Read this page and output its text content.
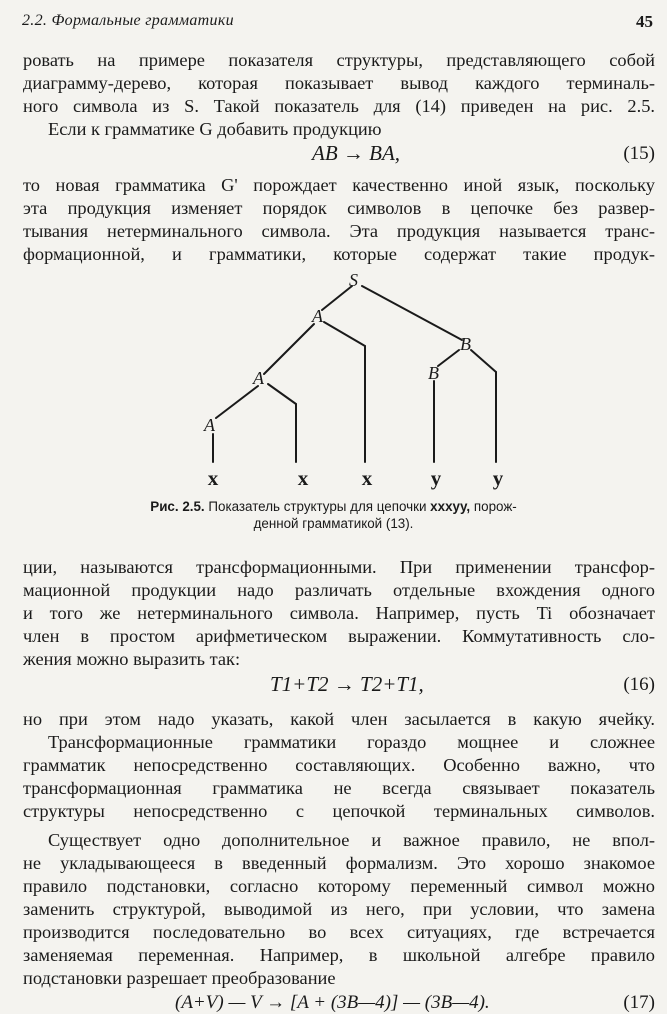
2.2. Формальные грамматики	45
ровать на примере показателя структуры, представляющего собой
диаграмму-дерево, которая показывает вывод каждого терминаль-
ного символа из S. Такой показатель для (14) приведен на рис. 2.5.
Если к грамматике G добавить продукцию
AB → BA,	(15)
то новая грамматика G' порождает качественно иной язык, поскольку
эта продукция изменяет порядок символов в цепочке без развер-
тывания нетерминального символа. Эта продукция называется транс-
формационной, и грамматики, которые содержат такие продук-
S
A
A
A
B
B
x	x	x	y y
Рис. 2.5. Показатель структуры для цепочки xxxyy, порож-
денной грамматикой (13).
ции, называются трансформационными. При применении трансфор-
мационной продукции надо различать отдельные вхождения одного
и того же нетерминального символа. Например, пусть Ti обозначает
член в простом арифметическом выражении. Коммутативность сло-
жения можно выразить так:
T1+T2 → T2+T1,	(16)
но при этом надо указать, какой член засылается в какую ячейку.
Трансформационные грамматики гораздо мощнее и сложнее
грамматик непосредственно составляющих. Особенно важно, что
трансформационная грамматика не всегда связывает показатель
структуры непосредственно с цепочкой терминальных символов.
Существует одно дополнительное и важное правило, не впол-
не укладывающееся в введенный формализм. Это хорошо знакомое
правило подстановки, согласно которому переменный символ можно
заменить структурой, выводимой из него, при условии, что замена
производится последовательно во всех ситуациях, где встречается
заменяемая переменная. Например, в школьной алгебре правило
подстановки разрешает преобразование
(A+V) — V → [A + (3B—4)] — (3B—4).	(17)
